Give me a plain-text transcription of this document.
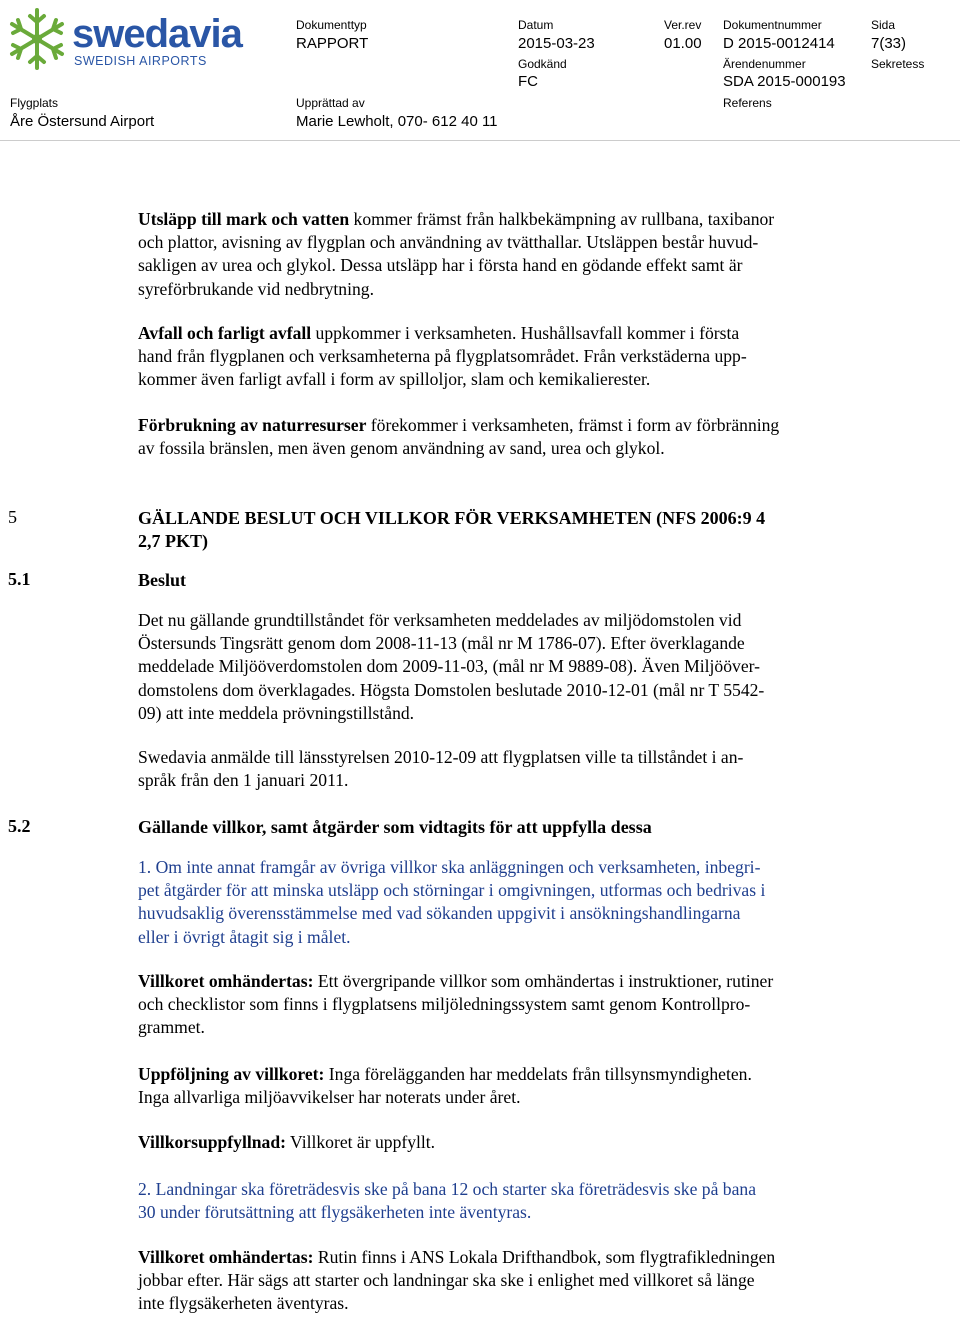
swedavia
SWEDISH AIRPORTS
Dokumenttyp
RAPPORT
Datum
2015-03-23
Ver.rev
01.00
Dokumentnummer
D 2015-0012414
Sida
7(33)
Godkänd
FC
Ärendenummer
SDA 2015-000193
Sekretess
Flygplats
Åre Östersund Airport
Upprättad av
Marie Lewholt, 070- 612 40 11
Referens
Utsläpp till mark och vatten kommer främst från halkbekämpning av rullbana, taxibanor
och plattor, avisning av flygplan och användning av tvätthallar. Utsläppen består huvud-
sakligen av urea och glykol. Dessa utsläpp har i första hand en gödande effekt samt är
syreförbrukande vid nedbrytning.
Avfall och farligt avfall uppkommer i verksamheten. Hushållsavfall kommer i första
hand från flygplanen och verksamheterna på flygplatsområdet. Från verkstäderna upp-
kommer även farligt avfall i form av spilloljor, slam och kemikalierester.
Förbrukning av naturresurser förekommer i verksamheten, främst i form av förbränning
av fossila bränslen, men även genom användning av sand, urea och glykol.
5	GÄLLANDE BESLUT OCH VILLKOR FÖR VERKSAMHETEN (NFS 2006:9 4
2,7 PKT)
5.1	Beslut
Det nu gällande grundtillståndet för verksamheten meddelades av miljödomstolen vid
Östersunds Tingsrätt genom dom 2008-11-13 (mål nr M 1786-07). Efter överklagande
meddelade Miljööverdomstolen dom 2009-11-03, (mål nr M 9889-08). Även Miljööver-
domstolens dom överklagades. Högsta Domstolen beslutade 2010-12-01 (mål nr T 5542-
09) att inte meddela prövningstillstånd.
Swedavia anmälde till länsstyrelsen 2010-12-09 att flygplatsen ville ta tillståndet i an-
språk från den 1 januari 2011.
5.2	Gällande villkor, samt åtgärder som vidtagits för att uppfylla dessa
1. Om inte annat framgår av övriga villkor ska anläggningen och verksamheten, inbegri-
pet åtgärder för att minska utsläpp och störningar i omgivningen, utformas och bedrivas i
huvudsaklig överensstämmelse med vad sökanden uppgivit i ansökningshandlingarna
eller i övrigt åtagit sig i målet.
Villkoret omhändertas: Ett övergripande villkor som omhändertas i instruktioner, rutiner
och checklistor som finns i flygplatsens miljöledningssystem samt genom Kontrollpro-
grammet.
Uppföljning av villkoret: Inga förelägganden har meddelats från tillsynsmyndigheten.
Inga allvarliga miljöavvikelser har noterats under året.
Villkorsuppfyllnad: Villkoret är uppfyllt.
2. Landningar ska företrädesvis ske på bana 12 och starter ska företrädesvis ske på bana
30 under förutsättning att flygsäkerheten inte äventyras.
Villkoret omhändertas: Rutin finns i ANS Lokala Drifthandbok, som flygtrafikledningen
jobbar efter. Här sägs att starter och landningar ska ske i enlighet med villkoret så länge
inte flygsäkerheten äventyras.
